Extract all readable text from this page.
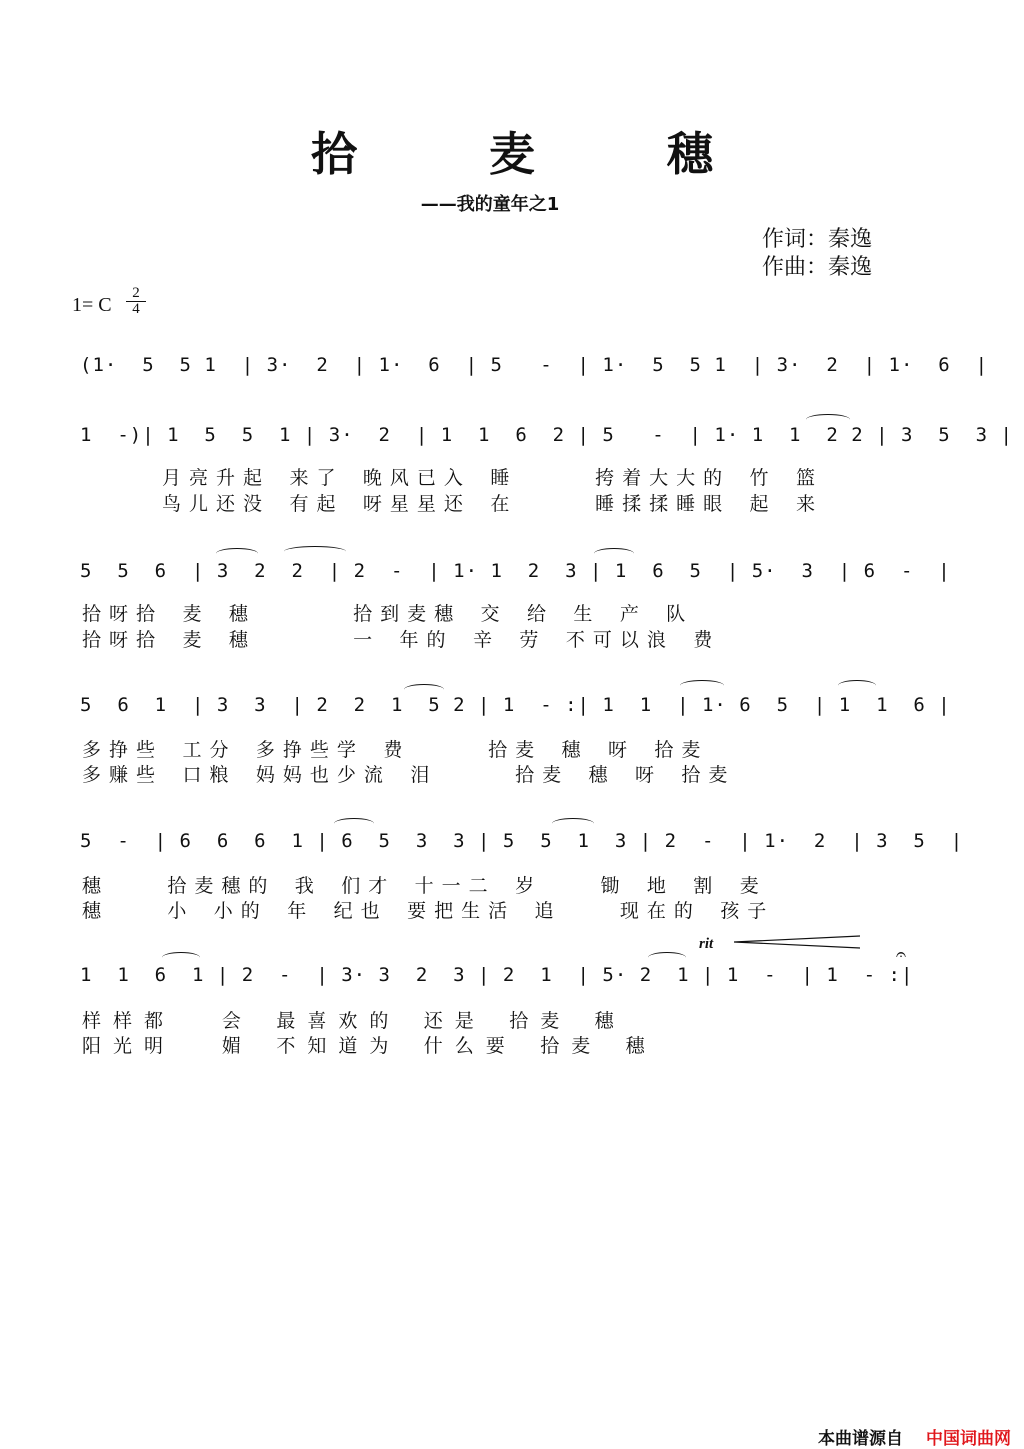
拾 麦 穗
——我的童年之1
作词：秦逸
作曲：秦逸
1= C $\frac{2}{4}$
(1·  5  5 1  | 3·  2  | 1·  6  | 5   -  | 1·  5  5 1  | 3·  2  | 1·  6  |
1  -)| 1  5  5  1 | 3·  2  | 1  1  6  2 | 5   -  | 1· 1  1  2 2 | 3  5  3 |
月亮升起 来了 晚风已入 睡    挎着大大的 竹 篮
鸟儿还没 有起 呀星星还 在    睡揉揉睡眼 起 来
5  5  6  | 3  2  2  | 2  -  | 1· 1  2  3 | 1  6  5  | 5·  3  | 6  -  |
拾呀拾 麦 穗     拾到麦穗 交 给 生 产 队
拾呀拾 麦 穗     一 年的 辛 劳 不可以浪 费
5  6  1  | 3  3  | 2  2  1  5 2 | 1  - :| 1  1  | 1· 6  5  | 1  1  6 |
多挣些 工分 多挣些学 费    拾麦 穗 呀 拾麦
多赚些 口粮 妈妈也少流 泪    拾麦 穗 呀 拾麦
5  -  | 6  6  6  1 | 6  5  3  3 | 5  5  1  3 | 2  -  | 1·  2  | 3  5  |
穗   拾麦穗的 我 们才 十一二 岁   锄 地 割 麦
穗   小 小的 年 纪也 要把生活 追   现在的 孩子
rit
1  1  6  1 | 2  -  | 3· 3  2  3 | 2  1  | 5· 2  1 | 1  -  | 1  - :|
𝄐
样样都  会 最喜欢的 还是 拾麦 穗
阳光明  媚 不知道为 什么要 拾麦 穗
本曲谱源自 中国词曲网
